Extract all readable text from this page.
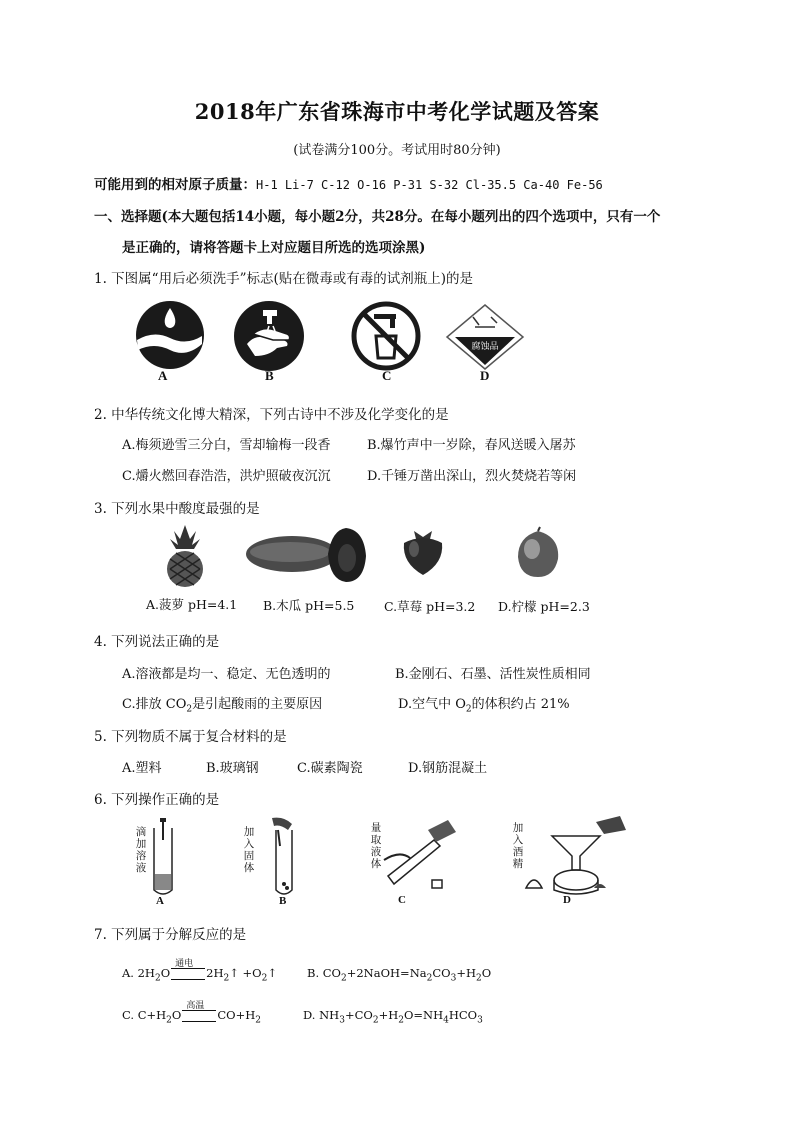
2018年广东省珠海市中考化学试题及答案
(试卷满分100分。考试用时80分钟)
可能用到的相对原子质量：H-1 Li-7 C-12 O-16 P-31 S-32 Cl-35.5 Ca-40 Fe-56
一、选择题(本大题包括14小题，每小题2分，共28分。在每小题列出的四个选项中，只有一个
是正确的，请将答题卡上对应题目所选的选项涂黑)
1. 下图属“用后必须洗手”标志(贴在微毒或有毒的试剂瓶上)的是
腐蚀品
A	B	C	D
2. 中华传统文化博大精深，下列古诗中不涉及化学变化的是
A.梅须逊雪三分白，雪却输梅一段香	B.爆竹声中一岁除，春风送暖入屠苏
C.爝火燃回春浩浩，洪炉照破夜沉沉	D.千锤万凿出深山，烈火焚烧若等闲
3. 下列水果中酸度最强的是
A.菠萝 pH=4.1 B.木瓜 pH=5.5 C.草莓 pH=3.2 D.柠檬 pH=2.3
4. 下列说法正确的是
A.溶液都是均一、稳定、无色透明的	B.金刚石、石墨、活性炭性质相同
C.排放 $CO_2$是引起酸雨的主要原因	D.空气中 $O_2$的体积约占 21%
5. 下列物质不属于复合材料的是
A.塑料	B.玻璃钢	C.碳素陶瓷	D.钢筋混凝土
6. 下列操作正确的是
滴加溶液
A
加入固体
B
量取液体
C
加入酒精
D
7. 下列属于分解反应的是
A. $2H_2O$
通电
$2H_2↑$ $+O_2↑$	B. $CO_2+2NaOH=Na_2CO_3+H_2O$
C. $C+H_2O$
高温
$CO+H_2$	D. $NH_3+CO_2+H_2O=NH_4HCO_3$
